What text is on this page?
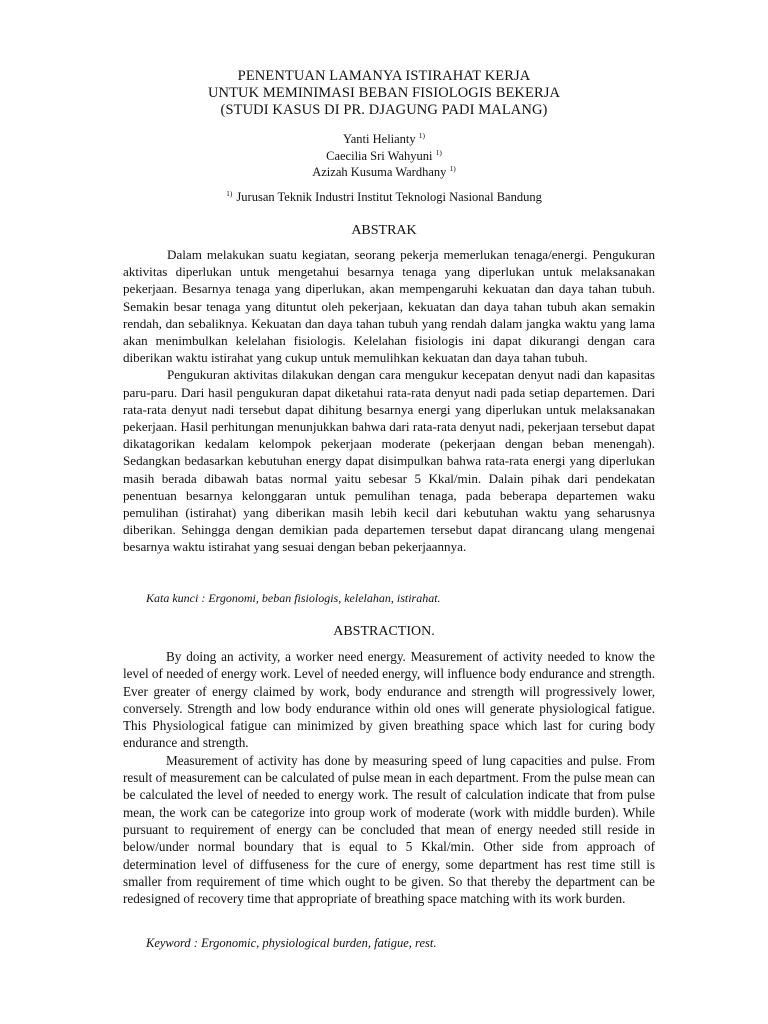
PENENTUAN LAMANYA ISTIRAHAT KERJA
UNTUK MEMINIMASI BEBAN FISIOLOGIS BEKERJA
(STUDI KASUS DI PR. DJAGUNG PADI MALANG)
Yanti Helianty $^{1)}$
Caecilia Sri Wahyuni $^{1)}$
Azizah Kusuma Wardhany $^{1)}$
$^{1)}$ Jurusan Teknik Industri Institut Teknologi Nasional Bandung
ABSTRAK

Dalam melakukan suatu kegiatan, seorang pekerja memerlukan tenaga/energi. Pengukuran aktivitas diperlukan untuk mengetahui besarnya tenaga yang diperlukan untuk melaksanakan pekerjaan. Besarnya tenaga yang diperlukan, akan mempengaruhi kekuatan dan daya tahan tubuh. Semakin besar tenaga yang dituntut oleh pekerjaan, kekuatan dan daya tahan tubuh akan semakin rendah, dan sebaliknya. Kekuatan dan daya tahan tubuh yang rendah dalam jangka waktu yang lama akan menimbulkan kelelahan fisiologis. Kelelahan fisiologis ini dapat dikurangi dengan cara diberikan waktu istirahat yang cukup untuk memulihkan kekuatan dan daya tahan tubuh.

Pengukuran aktivitas dilakukan dengan cara mengukur kecepatan denyut nadi dan kapasitas paru-paru. Dari hasil pengukuran dapat diketahui rata-rata denyut nadi pada setiap departemen. Dari rata-rata denyut nadi tersebut dapat dihitung besarnya energi yang diperlukan untuk melaksanakan pekerjaan. Hasil perhitungan menunjukkan bahwa dari rata-rata denyut nadi, pekerjaan tersebut dapat dikatagorikan kedalam kelompok pekerjaan moderate (pekerjaan dengan beban menengah). Sedangkan bedasarkan kebutuhan energy dapat disimpulkan bahwa rata-rata energi yang diperlukan masih berada dibawah batas normal yaitu sebesar 5 Kkal/min. Dalain pihak dari pendekatan penentuan besarnya kelonggaran untuk pemulihan tenaga, pada beberapa departemen waku pemulihan (istirahat) yang diberikan masih lebih kecil dari kebutuhan waktu yang seharusnya diberikan. Sehingga dengan demikian pada departemen tersebut dapat dirancang ulang mengenai besarnya waktu istirahat yang sesuai dengan beban pekerjaannya.

Kata kunci : Ergonomi, beban fisiologis, kelelahan, istirahat.
ABSTRACTION.

By doing an activity, a worker need energy. Measurement of activity needed to know the level of needed of energy work. Level of needed energy, will influence body endurance and strength. Ever greater of energy claimed by work, body endurance and strength will progressively lower, conversely. Strength and low body endurance within old ones will generate physiological fatigue. This Physiological fatigue can minimized by given breathing space which last for curing body endurance and strength.

Measurement of activity has done by measuring speed of lung capacities and pulse. From result of measurement can be calculated of pulse mean in each department. From the pulse mean can be calculated the level of needed to energy work. The result of calculation indicate that from pulse mean, the work can be categorize into group work of moderate (work with middle burden). While pursuant to requirement of energy can be concluded that mean of energy needed still reside in below/under normal boundary that is equal to 5 Kkal/min. Other side from approach of determination level of diffuseness for the cure of energy, some department has rest time still is smaller from requirement of time which ought to be given. So that thereby the department can be redesigned of recovery time that appropriate of breathing space matching with its work burden.

Keyword : Ergonomic, physiological burden, fatigue, rest.
